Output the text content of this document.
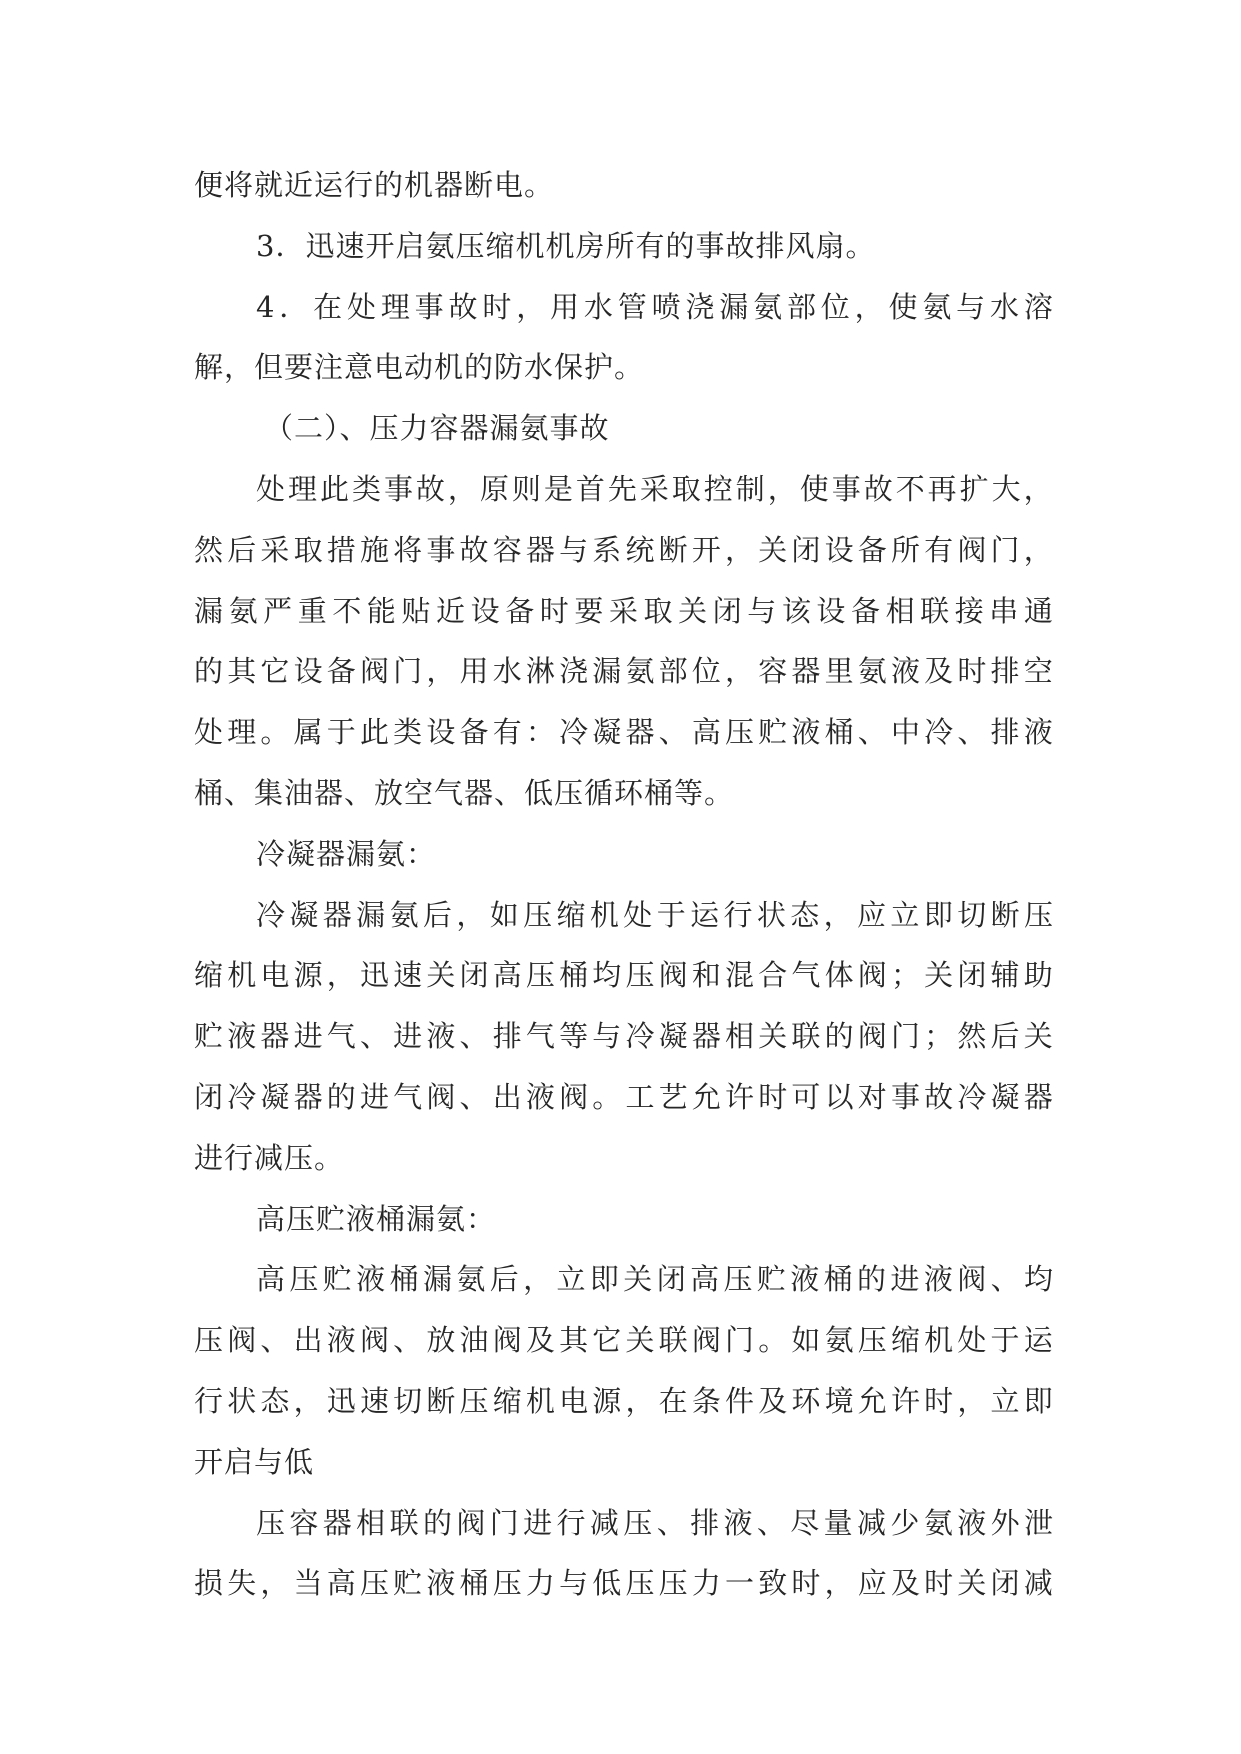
便将就近运行的机器断电。
3．迅速开启氨压缩机机房所有的事故排风扇。
4 ． 在 处 理 事 故 时 ， 用 水 管 喷 浇 漏 氨 部 位 ， 使 氨 与 水 溶
解，但要注意电动机的防水保护。
（二）、压力容器漏氨事故
处 理 此 类 事 故 ， 原 则 是 首 先 采 取 控 制 ， 使 事 故 不 再 扩 大 ，
然 后 采 取 措 施 将 事 故 容 器 与 系 统 断 开 ， 关 闭 设 备 所 有 阀 门 ，
漏 氨 严 重 不 能 贴 近 设 备 时 要 采 取 关 闭 与 该 设 备 相 联 接 串 通
的 其 它 设 备 阀 门 ， 用 水 淋 浇 漏 氨 部 位 ， 容 器 里 氨 液 及 时 排 空
处 理 。 属 于 此 类 设 备 有 ： 冷 凝 器 、 高 压 贮 液 桶 、 中 冷 、 排 液
桶、集油器、放空气器、低压循环桶等。
冷凝器漏氨：
冷 凝 器 漏 氨 后 ， 如 压 缩 机 处 于 运 行 状 态 ， 应 立 即 切 断 压
缩 机 电 源 ， 迅 速 关 闭 高 压 桶 均 压 阀 和 混 合 气 体 阀 ； 关 闭 辅 助
贮 液 器 进 气 、 进 液 、 排 气 等 与 冷 凝 器 相 关 联 的 阀 门 ； 然 后 关
闭 冷 凝 器 的 进 气 阀 、 出 液 阀 。 工 艺 允 许 时 可 以 对 事 故 冷 凝 器
进行减压。
高压贮液桶漏氨：
高 压 贮 液 桶 漏 氨 后 ， 立 即 关 闭 高 压 贮 液 桶 的 进 液 阀 、 均
压 阀 、 出 液 阀 、 放 油 阀 及 其 它 关 联 阀 门 。 如 氨 压 缩 机 处 于 运
行 状 态 ， 迅 速 切 断 压 缩 机 电 源 ， 在 条 件 及 环 境 允 许 时 ， 立 即
开启与低
压 容 器 相 联 的 阀 门 进 行 减 压 、 排 液 、 尽 量 减 少 氨 液 外 泄
损 失 ， 当 高 压 贮 液 桶 压 力 与 低 压 压 力 一 致 时 ， 应 及 时 关 闭 减
